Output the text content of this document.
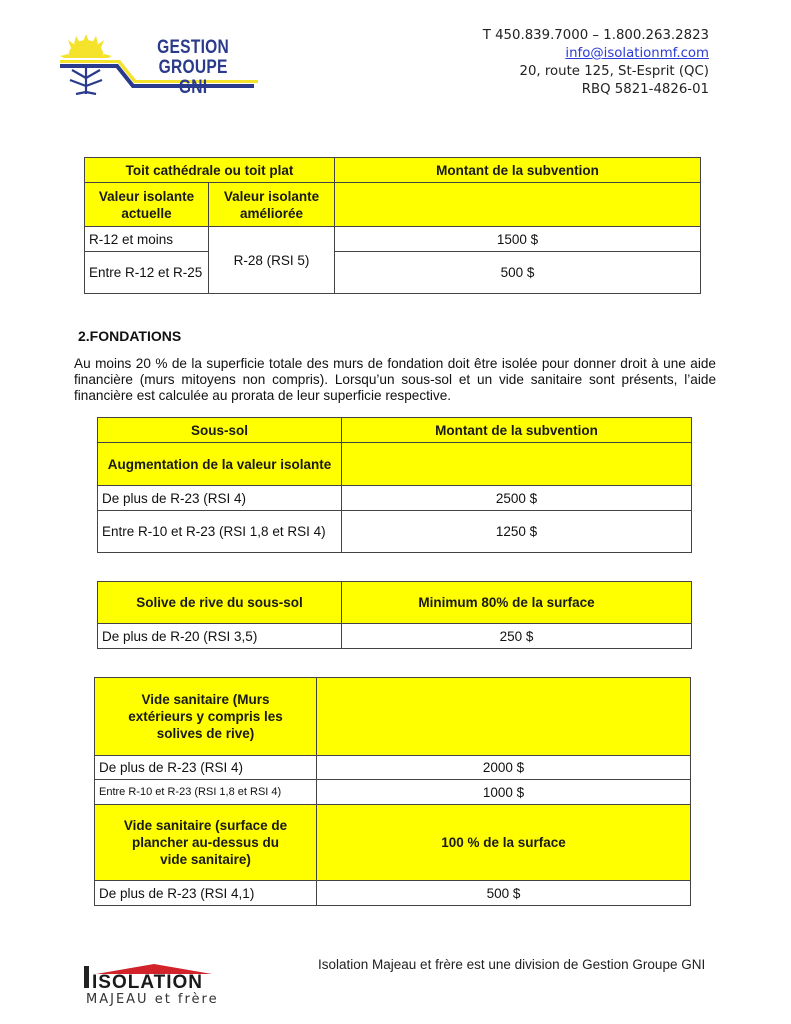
GESTION
GROUPE GNI
T 450.839.7000 – 1.800.263.2823
info@isolationmf.com
20, route 125, St-Esprit (QC)
RBQ 5821-4826-01
Toit cathédrale ou toit plat		Montant de la subvention
Valeur isolante actuelle	Valeur isolante améliorée	
R-12 et moins	R-28 (RSI 5)	1500 $
Entre R-12 et R-25		500 $
2.FONDATIONS
Au moins 20 % de la superficie totale des murs de fondation doit être isolée pour donner droit à une aide financière (murs mitoyens non compris). Lorsqu’un sous-sol et un vide sanitaire sont présents, l’aide financière est calculée au prorata de leur superficie respective.
Sous-sol	Montant de la subvention
Augmentation de la valeur isolante	
De plus de R-23 (RSI 4)	2500 $
Entre R-10 et R-23 (RSI 1,8 et RSI 4)	1250 $
Solive de rive du sous-sol	Minimum 80% de la surface
De plus de R-20 (RSI 3,5)	250 $
Vide sanitaire (Murs extérieurs y compris les solives de rive)	
De plus de R-23 (RSI 4)	2000 $
Entre R-10 et R-23 (RSI 1,8 et RSI 4)	1000 $
Vide sanitaire (surface de plancher au-dessus du vide sanitaire)	100 % de la surface
De plus de R-23 (RSI 4,1)	500 $
ISOLATION
MAJEAU et frère
Isolation Majeau et frère est une division de Gestion Groupe GNI
